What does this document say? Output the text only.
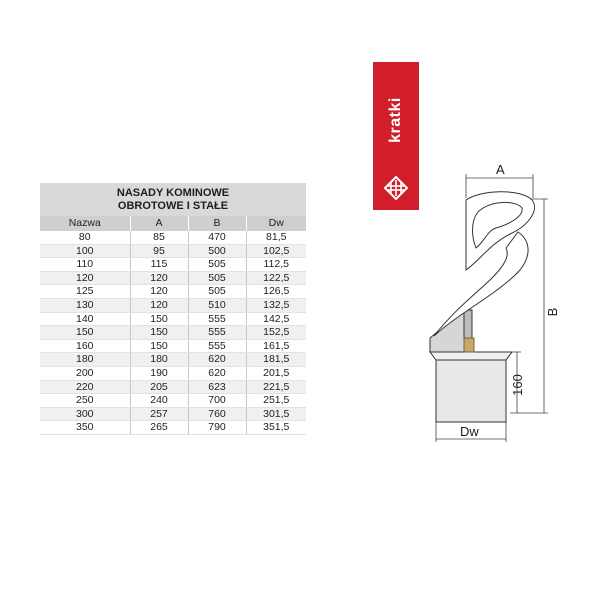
NASADY KOMINOWE
OBROTOWE I STAŁE
Nazwa	A	B	Dw
80	85	470	81,5
100	95	500	102,5
110	115	505	112,5
120	120	505	122,5
125	120	505	126,5
130	120	510	132,5
140	150	555	142,5
150	150	555	152,5
160	150	555	161,5
180	180	620	181,5
200	190	620	201,5
220	205	623	221,5
250	240	700	251,5
300	257	760	301,5
350	265	790	351,5
kratki
A
B
160
Dw
